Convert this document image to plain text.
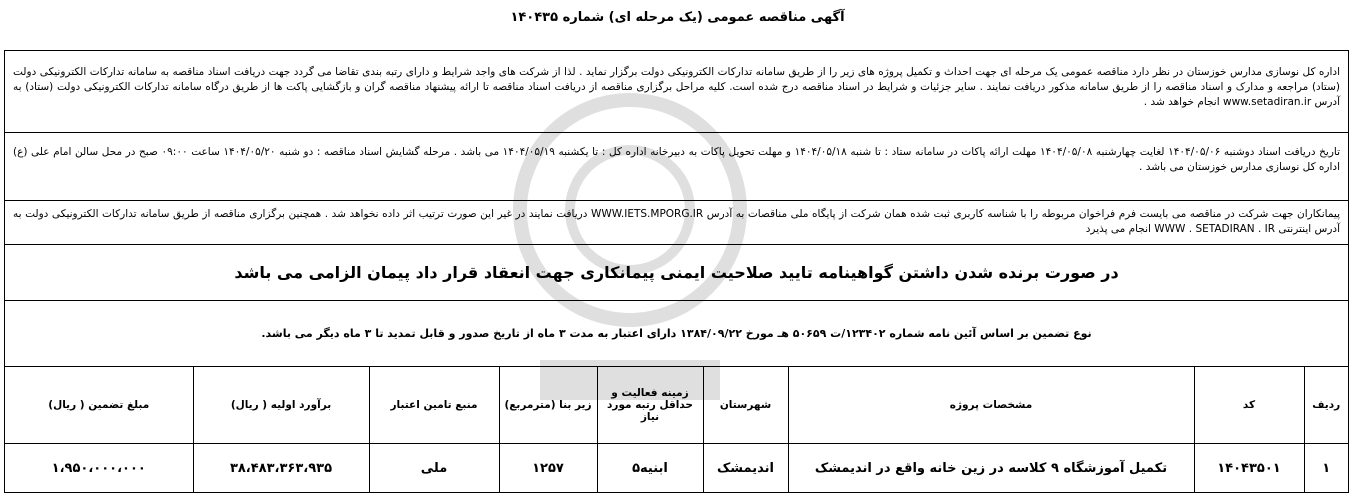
آگهی مناقصه عمومی (یک مرحله ای) شماره ۱۴۰۴۳۵
اداره کل نوسازی مدارس خوزستان در نظر دارد مناقصه عمومی یک مرحله ای جهت احداث و تکمیل پروژه های زیر را از طریق سامانه تدارکات الکترونیکی دولت برگزار نماید . لذا از شرکت های واجد شرایط و دارای رتبه بندی تقاضا می گردد جهت دریافت اسناد مناقصه به سامانه تدارکات الکترونیکی دولت (ستاد) مراجعه و مدارک و اسناد مناقصه را از طریق سامانه مذکور دریافت نمایند . سایر جزئیات و شرایط در اسناد مناقصه درج شده است. کلیه مراحل برگزاری مناقصه از دریافت اسناد مناقصه تا ارائه پیشنهاد مناقصه گران و بازگشایی پاکت ها از طریق درگاه سامانه تدارکات الکترونیکی دولت (ستاد) به آدرس www.setadiran.ir انجام خواهد شد .
تاریخ دریافت اسناد دوشنبه ۱۴۰۴/۰۵/۰۶ لغایت چهارشنبه ۱۴۰۴/۰۵/۰۸ مهلت ارائه پاکات در سامانه ستاد : تا شنبه ۱۴۰۴/۰۵/۱۸ و مهلت تحویل پاکات به دبیرخانه اداره کل : تا یکشنبه ۱۴۰۴/۰۵/۱۹ می باشد . مرحله گشایش اسناد مناقصه : دو شنبه ۱۴۰۴/۰۵/۲۰ ساعت ۰۹:۰۰ صبح در محل سالن امام علی (ع) اداره کل نوسازی مدارس خوزستان می باشد .
پیمانکاران جهت شرکت در مناقصه می بایست فرم فراخوان مربوطه را با شناسه کاربری ثبت شده همان شرکت از پایگاه ملی مناقصات به آدرس WWW.IETS.MPORG.IR دریافت نمایند در غیر این صورت ترتیب اثر داده نخواهد شد . همچنین برگزاری مناقصه از طریق سامانه تدارکات الکترونیکی دولت به آدرس اینترنتی WWW . SETADIRAN . IR انجام می پذیرد
در صورت برنده شدن داشتن گواهینامه تایید صلاحیت ایمنی پیمانکاری جهت انعقاد قرار داد پیمان الزامی می باشد
نوع تضمین بر اساس آئین نامه شماره ۱۲۳۴۰۲/ت ۵۰۶۵۹ هـ مورخ ۱۳۸۴/۰۹/۲۲ دارای اعتبار به مدت ۳ ماه از تاریخ صدور و قابل تمدید تا ۳ ماه دیگر می باشد.
ردیف	کد	مشخصات پروژه	شهرستان	زمینه فعالیت و حداقل رتبه مورد نیاز	زیر بنا (مترمربع)	منبع تامین اعتبار	برآورد اولیه ( ریال)	مبلغ تضمین ( ریال)
۱	۱۴۰۴۳۵۰۱	تکمیل آموزشگاه ۹ کلاسه در زین خانه واقع در اندیمشک	اندیمشک	ابنیه۵	۱۲۵۷	ملی	۳۸،۴۸۳،۳۶۳،۹۳۵	۱،۹۵۰،۰۰۰،۰۰۰
